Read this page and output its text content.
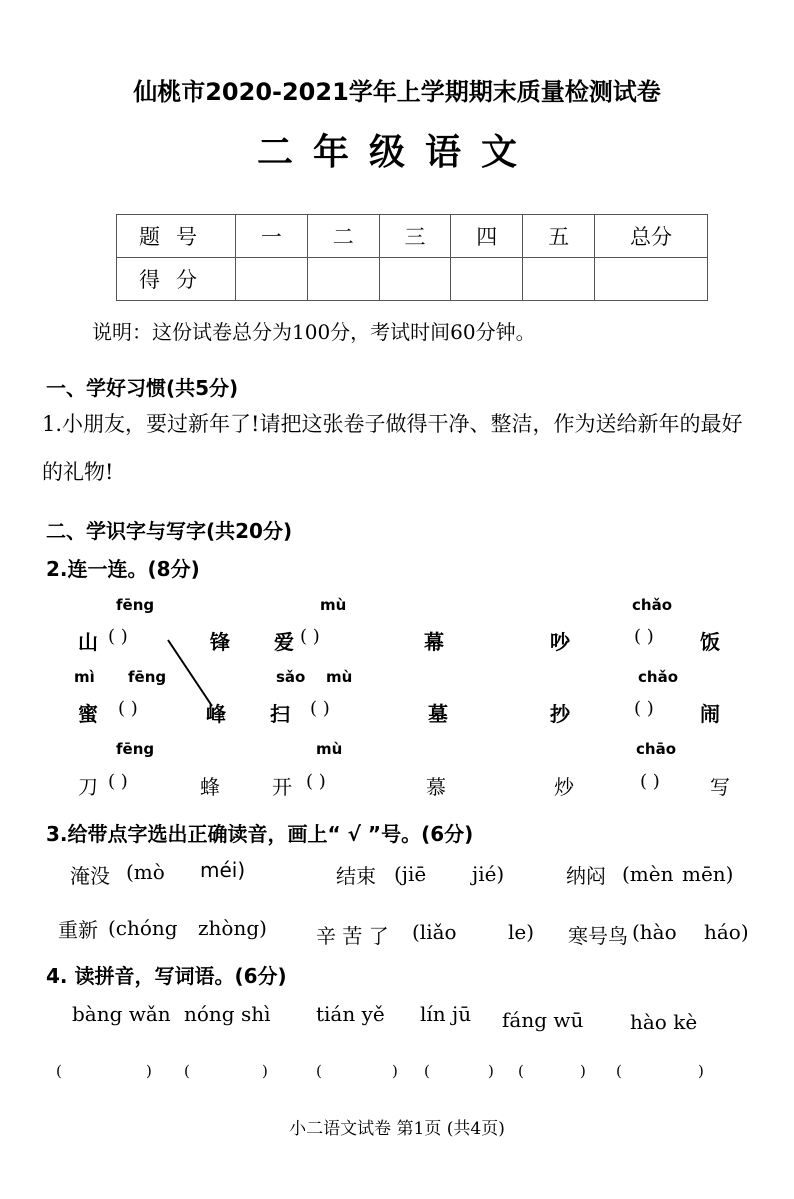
仙桃市2020-2021学年上学期期末质量检测试卷
二年级语文
题号	一	二	三	四	五	总分
得分						
说明：这份试卷总分为100分，考试时间60分钟。
一、学好习惯(共5分)
1.小朋友，要过新年了!请把这张卷子做得干净、整洁，作为送给新年的最好的礼物!
二、学识字与写字(共20分)
2.连一连。(8分)
fēng	mù	chǎo
山 ( )	锋 爱 ( )	幕	吵	( ) 饭
mì fēng	sǎo mù	chǎo
蜜 ( )	峰 扫 ( )	墓	抄	( ) 闹
fēng	mù	chāo
刀 ( )	蜂	开 ( )	慕	炒	( )	写
3.给带点字选出正确读音，画上“ √ ”号。(6分)
淹没 (mò méi)	结束 (jiē jié)	纳闷 (mèn mēn)
重新 (chóng zhòng) 辛 苦 了 (liǎo	le) 寒号鸟 (hào háo)
4. 读拼音，写词语。(6分)
bàng wǎn nóng shì tián yě lín jū fáng wū hào kè
(	) (	)	(	) (	) (	) (	)
小二语文试卷 第1页 (共4页)
